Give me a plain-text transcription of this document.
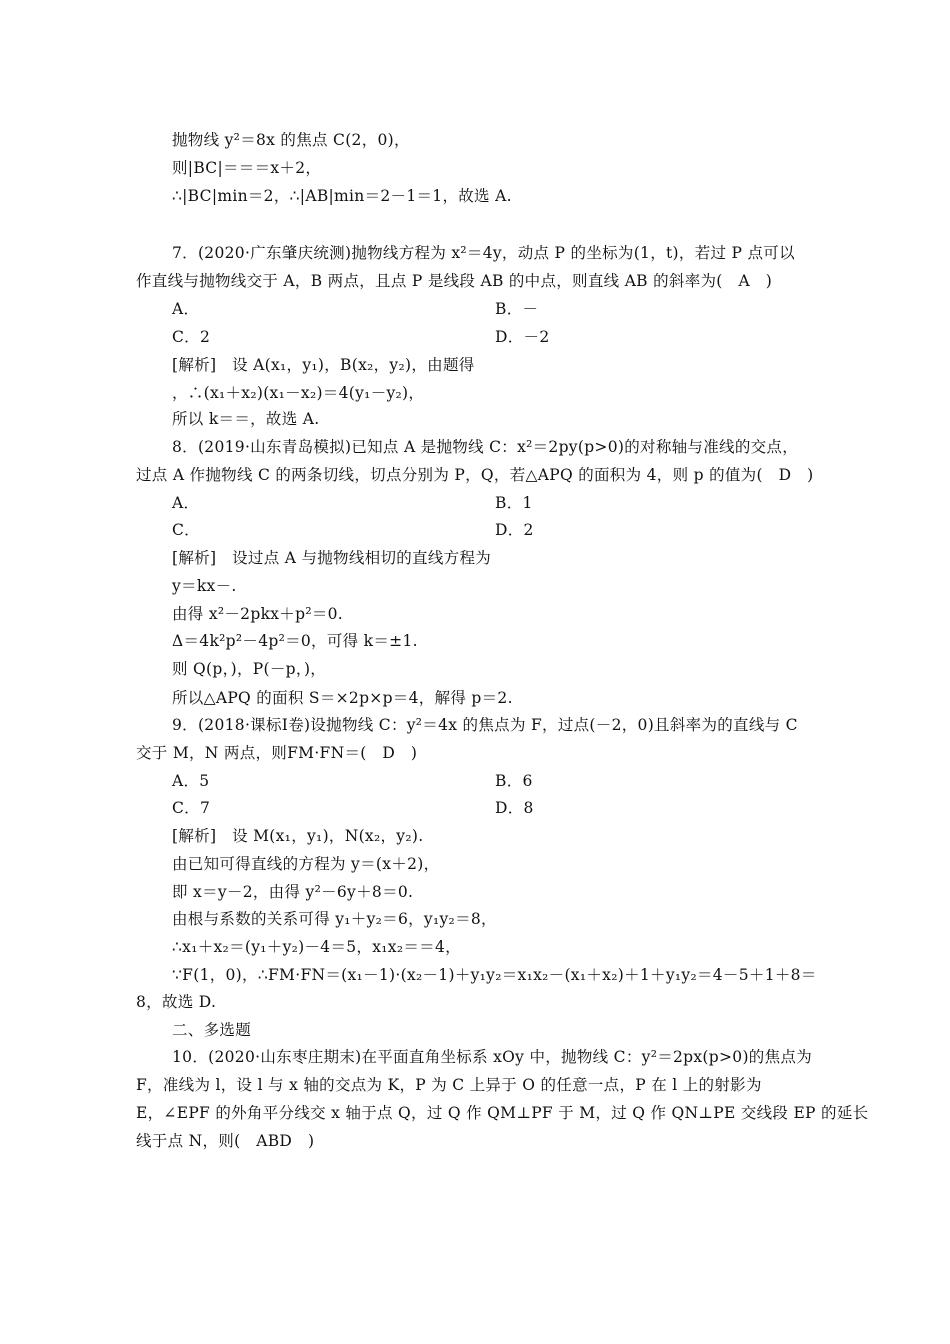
抛物线 y²＝8x 的焦点 C(2，0)，
则|BC|＝＝＝x＋2，
∴|BC|min＝2，∴|AB|min＝2－1＝1，故选 A.
7．(2020·广东肇庆统测)抛物线方程为 x²＝4y，动点 P 的坐标为(1，t)，若过 P 点可以
作直线与抛物线交于 A，B 两点，且点 P 是线段 AB 的中点，则直线 AB 的斜率为(　A　)
A．	B．－
C．2	D．－2
[解析]　设 A(x₁，y₁)，B(x₂，y₂)，由题得
，∴(x₁＋x₂)(x₁－x₂)＝4(y₁－y₂)，
所以 k＝＝，故选 A.
8．(2019·山东青岛模拟)已知点 A 是抛物线 C：x²＝2py(p>0)的对称轴与准线的交点，
过点 A 作抛物线 C 的两条切线，切点分别为 P，Q，若△APQ 的面积为 4，则 p 的值为(　D　)
A．	B．1
C．	D．2
[解析]　设过点 A 与抛物线相切的直线方程为
y＝kx－.
由得 x²－2pkx＋p²＝0.
Δ＝4k²p²－4p²＝0，可得 k＝±1.
则 Q(p，)，P(－p，)，
所以△APQ 的面积 S＝×2p×p＝4，解得 p＝2.
9．(2018·课标Ⅰ卷)设抛物线 C：y²＝4x 的焦点为 F，过点(－2，0)且斜率为的直线与 C
交于 M，N 两点，则FM·FN＝(　D　)
A．5	B．6
C．7	D．8
[解析]　设 M(x₁，y₁)，N(x₂，y₂).
由已知可得直线的方程为 y＝(x＋2)，
即 x＝y－2，由得 y²－6y＋8＝0.
由根与系数的关系可得 y₁＋y₂＝6，y₁y₂＝8，
∴x₁＋x₂＝(y₁＋y₂)－4＝5，x₁x₂＝＝4，
∵F(1，0)，∴FM·FN＝(x₁－1)·(x₂－1)＋y₁y₂＝x₁x₂－(x₁＋x₂)＋1＋y₁y₂＝4－5＋1＋8＝
8，故选 D.
二、多选题
10．(2020·山东枣庄期末)在平面直角坐标系 xOy 中，抛物线 C：y²＝2px(p>0)的焦点为
F，准线为 l，设 l 与 x 轴的交点为 K，P 为 C 上异于 O 的任意一点，P 在 l 上的射影为
E，∠EPF 的外角平分线交 x 轴于点 Q，过 Q 作 QM⊥PF 于 M，过 Q 作 QN⊥PE 交线段 EP 的延长
线于点 N，则(　ABD　)
